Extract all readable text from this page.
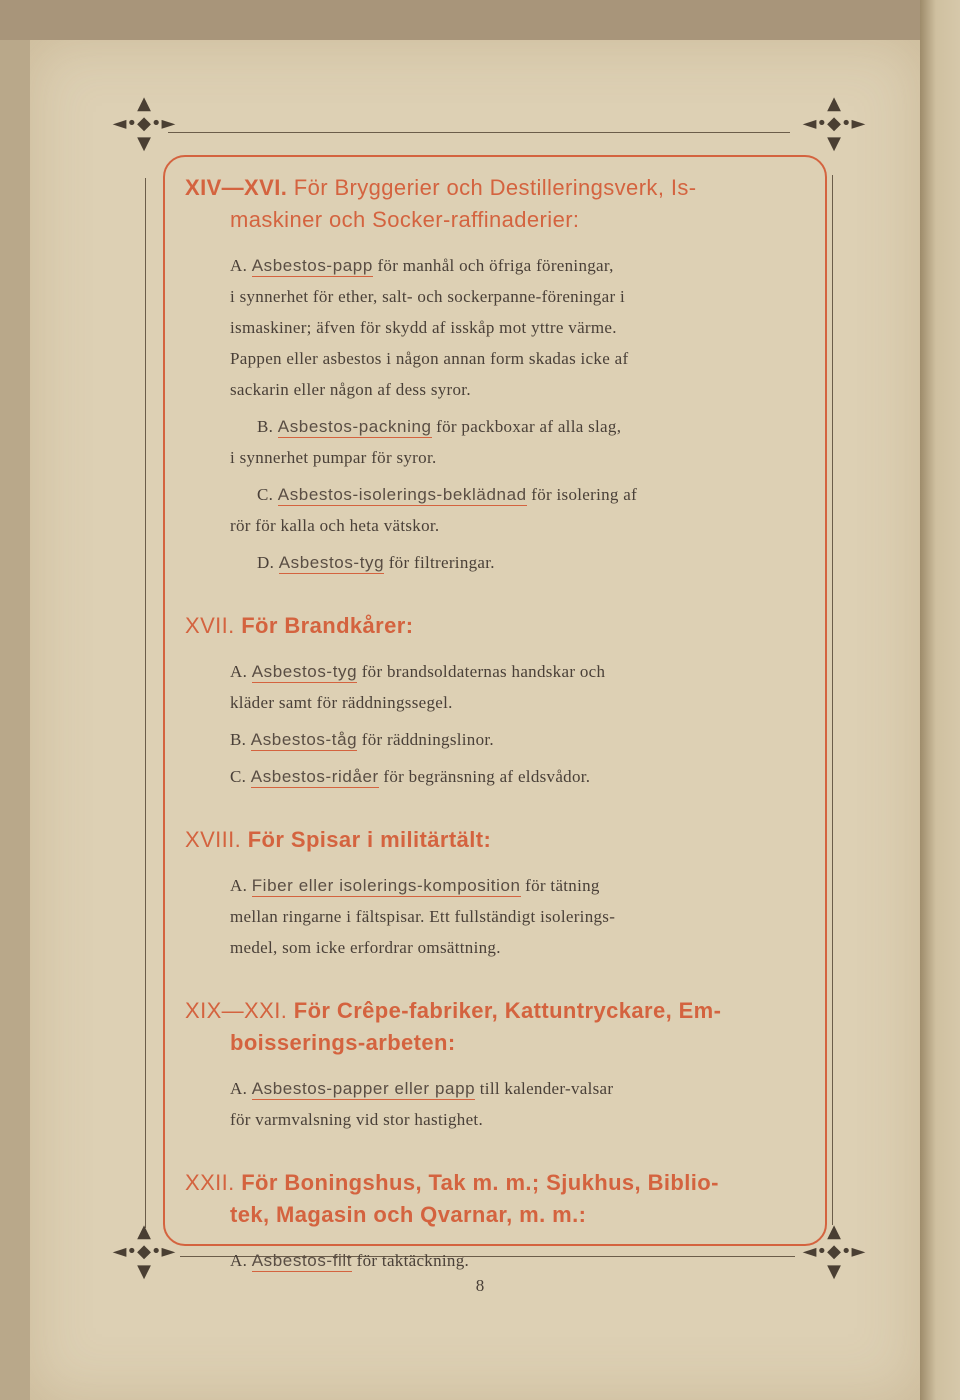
▲
◄•◆•►
▼
▲
◄•◆•►
▼
▲
◄•◆•►
▼
▲
◄•◆•►
▼

XIV—XVI. För Bryggerier och Destilleringsverk, Is-

maskiner och Socker-raffinaderier:

A. Asbestos-papp för manhål och öfriga föreningar,

i synnerhet för ether, salt- och sockerpanne-föreningar i

ismaskiner; äfven för skydd af isskåp mot yttre värme.

Pappen eller asbestos i någon annan form skadas icke af

sackarin eller någon af dess syror.

B. Asbestos-packning för packboxar af alla slag,

i synnerhet pumpar för syror.

C. Asbestos-isolerings-beklädnad för isolering af

rör för kalla och heta vätskor.

D. Asbestos-tyg för filtreringar.

XVII. För Brandkårer:

A. Asbestos-tyg för brandsoldaternas handskar och

kläder samt för räddningssegel.

B. Asbestos-tåg för räddningslinor.

C. Asbestos-ridåer för begränsning af eldsvådor.

XVIII. För Spisar i militärtält:

A. Fiber eller isolerings-komposition för tätning

mellan ringarne i fältspisar. Ett fullständigt isolerings-

medel, som icke erfordrar omsättning.

XIX—XXI. För Crêpe-fabriker, Kattuntryckare, Em-

boisserings-arbeten:

A. Asbestos-papper eller papp till kalender-valsar

för varmvalsning vid stor hastighet.

XXII. För Boningshus, Tak m. m.; Sjukhus, Biblio-

tek, Magasin och Qvarnar, m. m.:

A. Asbestos-filt för taktäckning.

8
